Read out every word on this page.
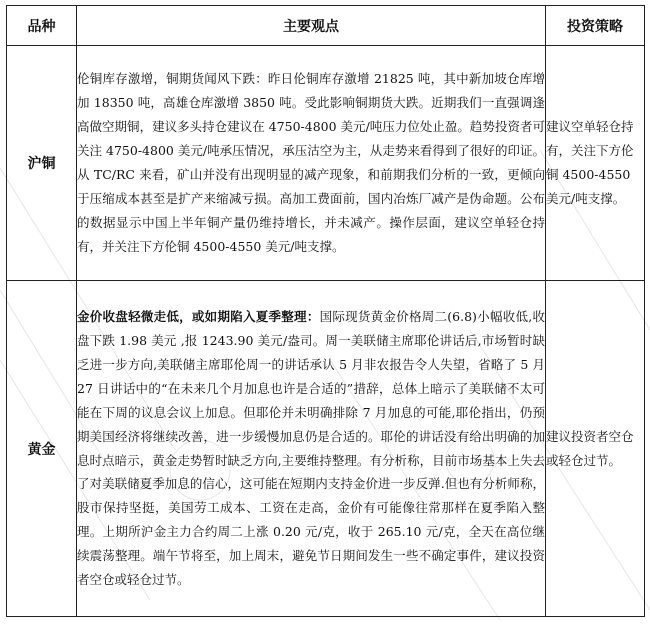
品种	主要观点	投资策略
沪铜	伦铜库存激增，铜期货闻风下跌：昨日伦铜库存激增 21825 吨，其中新加坡仓库增加 18350 吨，高雄仓库激增 3850 吨。受此影响铜期货大跌。近期我们一直强调逢高做空期铜，建议多头持仓建议在 4750-4800 美元/吨压力位处止盈。趋势投资者可关注 4750-4800 美元/吨承压情况，承压沽空为主，从走势来看得到了很好的印证。从 TC/RC 来看，矿山并没有出现明显的减产现象，和前期我们分析的一致，更倾向于压缩成本甚至是扩产来缩减亏损。高加工费面前，国内冶炼厂减产是伪命题。公布的数据显示中国上半年铜产量仍维持增长，并未减产。操作层面，建议空单轻仓持有，并关注下方伦铜 4500-4550 美元/吨支撑。	建议空单轻仓持有，关注下方伦铜 4500-4550 美元/吨支撑。
黄金	金价收盘轻微走低，或如期陷入夏季整理：国际现货黄金价格周二(6.8)小幅收低,收盘下跌 1.98 美元 ,报 1243.90 美元/盎司。周一美联储主席耶伦讲话后,市场暂时缺乏进一步方向,美联储主席耶伦周一的讲话承认 5 月非农报告令人失望，省略了 5 月 27 日讲话中的“在未来几个月加息也许是合适的”措辞，总体上暗示了美联储不太可能在下周的议息会议上加息。但耶伦并未明确排除 7 月加息的可能,耶伦指出，仍预期美国经济将继续改善，进一步缓慢加息仍是合适的。耶伦的讲话没有给出明确的加息时点暗示，黄金走势暂时缺乏方向,主要维持整理。有分析称，目前市场基本上失去了对美联储夏季加息的信心，这可能在短期内支持金价进一步反弹.但也有分析师称，股市保持坚挺，美国劳工成本、工资在走高，金价有可能像往常那样在夏季陷入整理。上期所沪金主力合约周二上涨 0.20 元/克，收于 265.10 元/克，全天在高位继续震荡整理。端午节将至，加上周末，避免节日期间发生一些不确定事件，建议投资者空仓或轻仓过节。	建议投资者空仓或轻仓过节。
